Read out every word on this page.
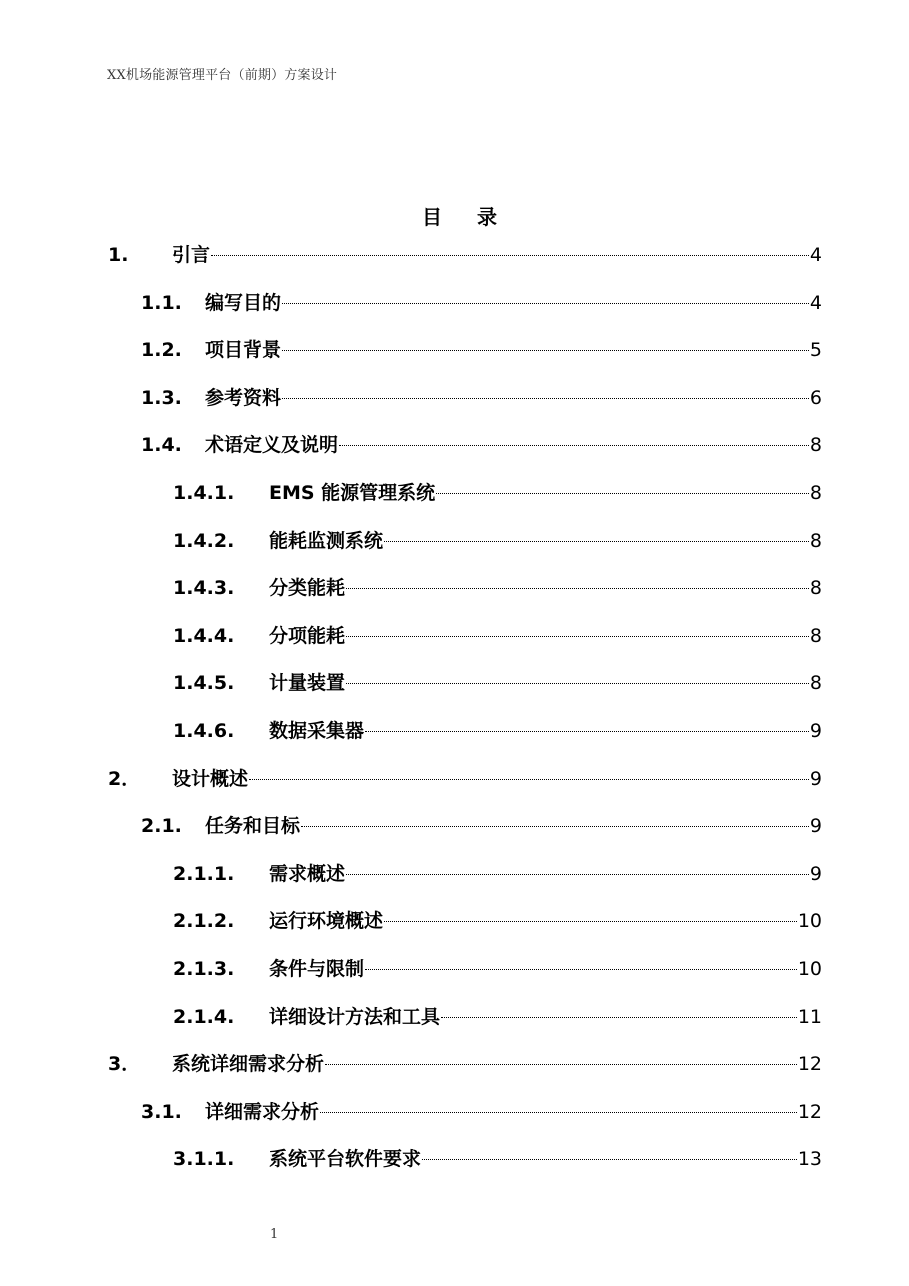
XX机场能源管理平台（前期）方案设计
目 录
1.	引言	4
1.1.	编写目的	4
1.2.	项目背景	5
1.3.	参考资料	6
1.4.	术语定义及说明	8
1.4.1.	EMS 能源管理系统	8
1.4.2.	能耗监测系统	8
1.4.3.	分类能耗	8
1.4.4.	分项能耗	8
1.4.5.	计量装置	8
1.4.6.	数据采集器	9
2．	设计概述	9
2.1.	任务和目标	9
2.1.1.	需求概述	9
2.1.2.	运行环境概述	10
2.1.3.	条件与限制	10
2.1.4.	详细设计方法和工具	11
3．	系统详细需求分析	12
3.1.	详细需求分析	12
3.1.1.	系统平台软件要求	13
1
